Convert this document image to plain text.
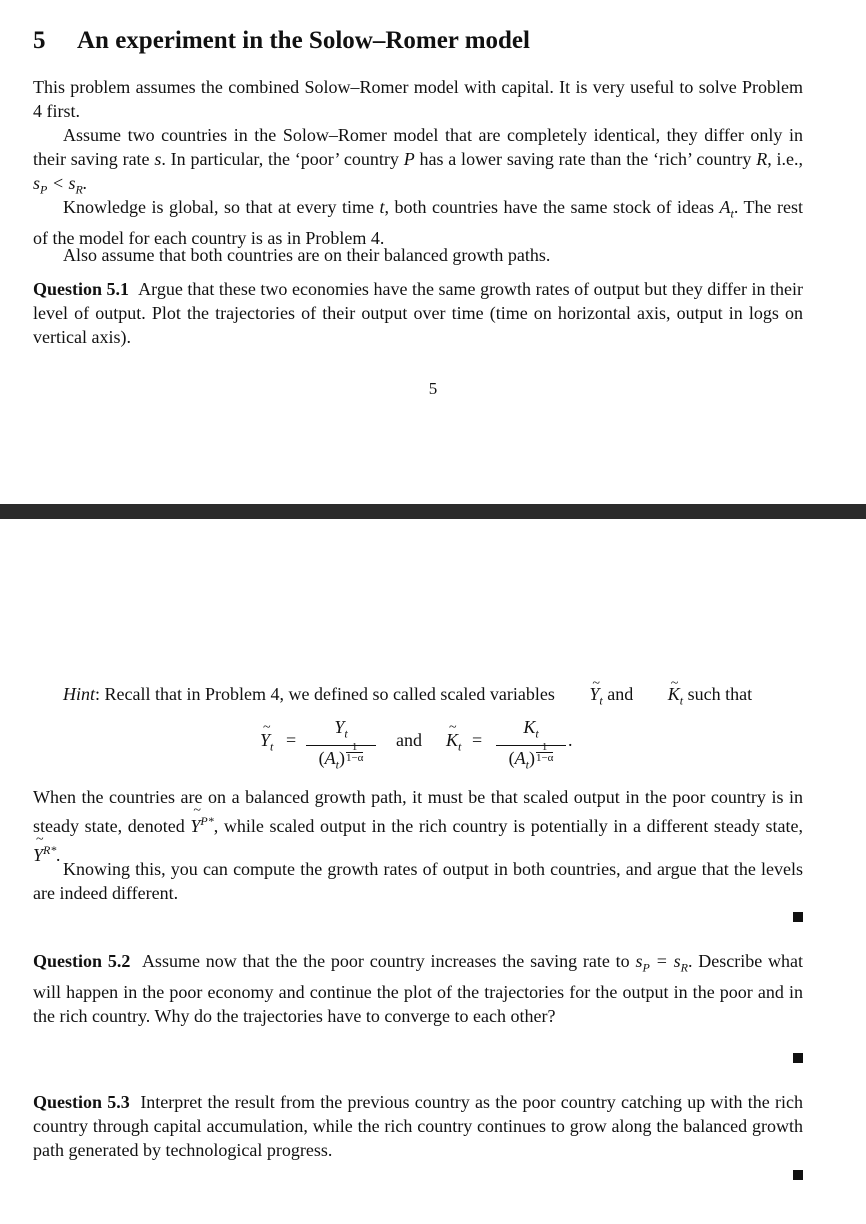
5 An experiment in the Solow–Romer model

This problem assumes the combined Solow–Romer model with capital. It is very useful to solve Problem 4 first.

Assume two countries in the Solow–Romer model that are completely identical, they differ only in their saving rate s. In particular, the ‘poor’ country P has a lower saving rate than the ‘rich’ country R, i.e., $s_P < s_R$.

Knowledge is global, so that at every time t, both countries have the same stock of ideas $A_t$. The rest of the model for each country is as in Problem 4.

Also assume that both countries are on their balanced growth paths.

Question 5.1 Argue that these two economies have the same growth rates of output but they differ in their level of output. Plot the trajectories of their output over time (time on horizontal axis, output in logs on vertical axis).

5

Hint: Recall that in Problem 4, we defined so called scaled variables ~ $Y_t$ and ~ $K_t$ such that

~ $Y_t$ =
$Y_t$
$(A_t)$
$^{1 1-\alpha}$
and
~ $K_t$ =
$K_t$
$(A_t)$
$^{1 1-\alpha}$
.

When the countries are on a balanced growth path, it must be that scaled output in the poor country is in steady state, denoted ~ $Y^{P*}$, while scaled output in the rich country is potentially in a different steady state, ~ $Y^{R*}$.

Knowing this, you can compute the growth rates of output in both countries, and argue that the levels are indeed different.

Question 5.2 Assume now that the the poor country increases the saving rate to $s_P = s_R$. Describe what will happen in the poor economy and continue the plot of the trajectories for the output in the poor and in the rich country. Why do the trajectories have to converge to each other?

Question 5.3 Interpret the result from the previous country as the poor country catching up with the rich country through capital accumulation, while the rich country continues to grow along the balanced growth path generated by technological progress.
